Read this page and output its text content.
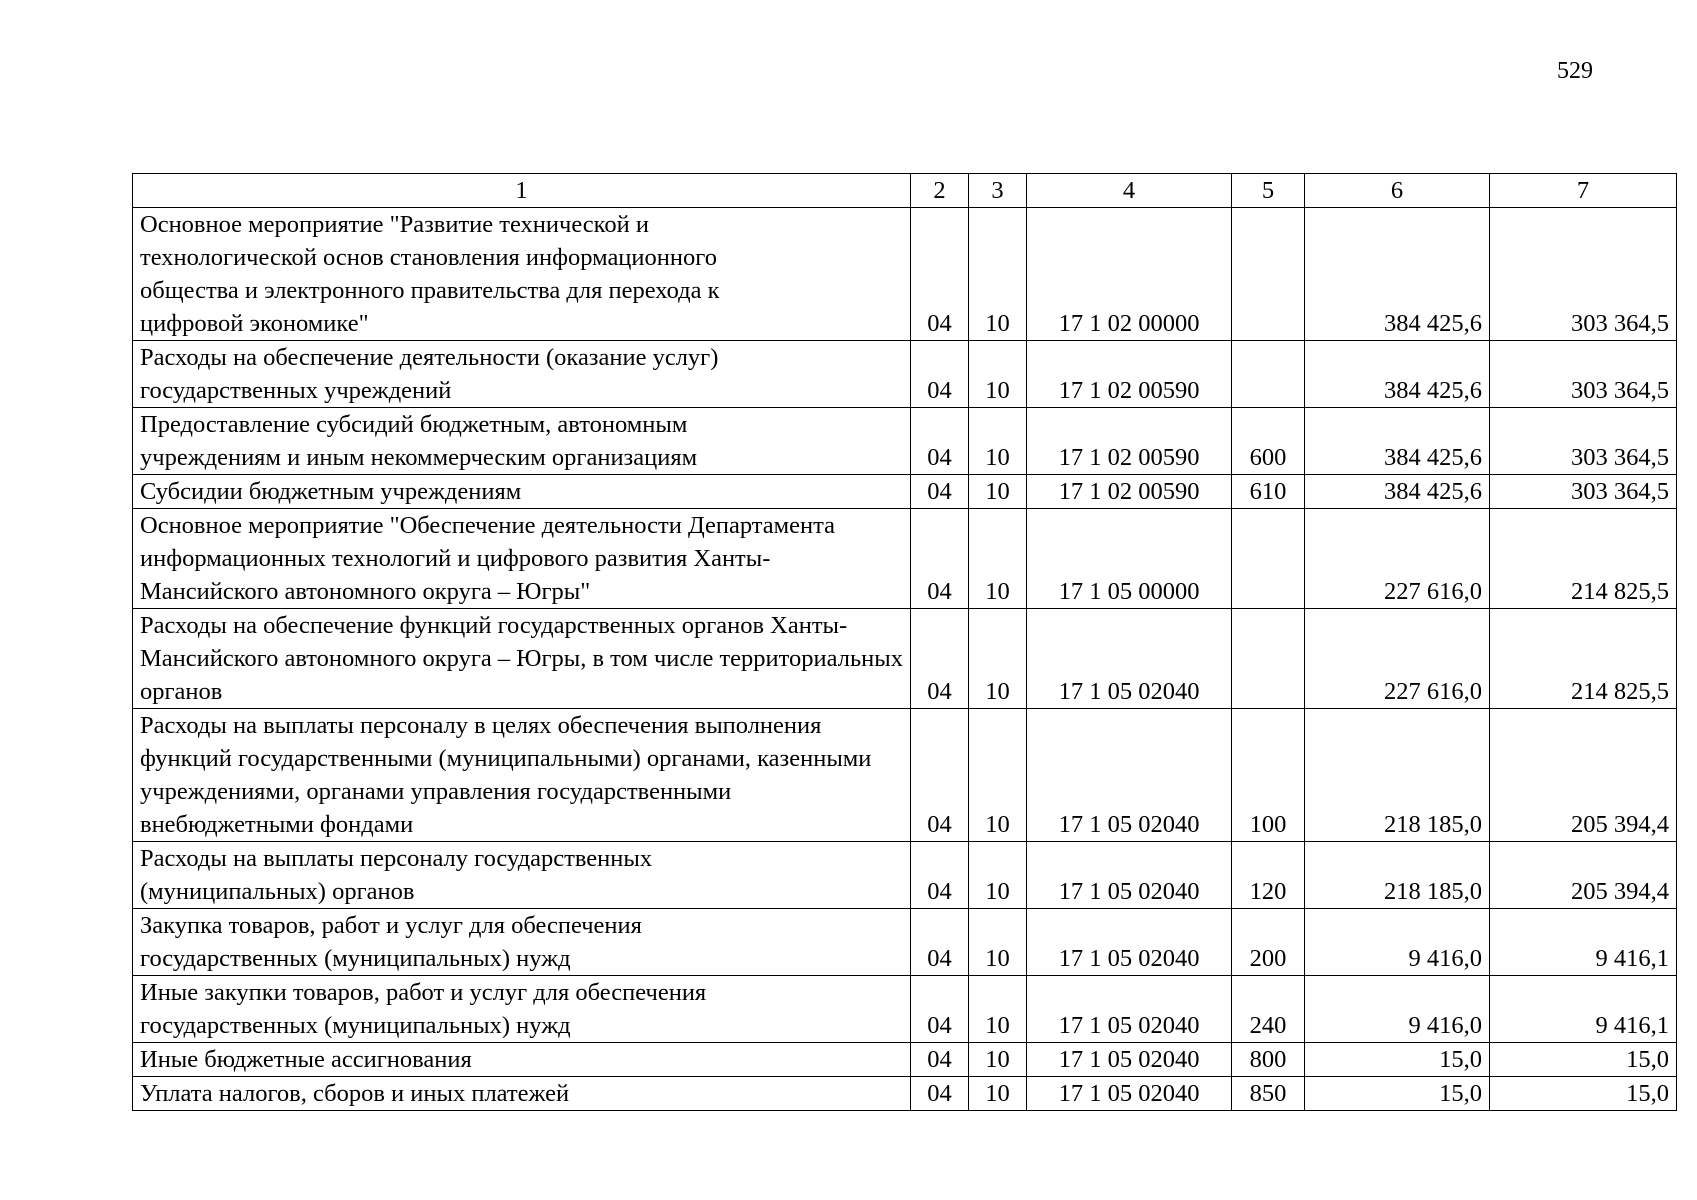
529
1	2	3	4	5	6	7

Основное мероприятие "Развитие технической и технологической основ становления информационного общества и электронного правительства для перехода к цифровой экономике"	04	10	17 1 02 00000		384 425,6	303 364,5

Расходы на обеспечение деятельности (оказание услуг) государственных учреждений	04	10	17 1 02 00590		384 425,6	303 364,5

Предоставление субсидий бюджетным, автономным учреждениям и иным некоммерческим организациям	04	10	17 1 02 00590	600	384 425,6	303 364,5

Субсидии бюджетным учреждениям	04	10	17 1 02 00590	610	384 425,6	303 364,5

Основное мероприятие "Обеспечение деятельности Департамента информационных технологий и цифрового развития Ханты-Мансийского автономного округа – Югры"	04	10	17 1 05 00000		227 616,0	214 825,5

Расходы на обеспечение функций государственных органов Ханты-Мансийского автономного округа – Югры, в том числе территориальных органов	04	10	17 1 05 02040		227 616,0	214 825,5

Расходы на выплаты персоналу в целях обеспечения выполнения функций государственными (муниципальными) органами, казенными учреждениями, органами управления государственными внебюджетными фондами	04	10	17 1 05 02040	100	218 185,0	205 394,4

Расходы на выплаты персоналу государственных (муниципальных) органов	04	10	17 1 05 02040	120	218 185,0	205 394,4

Закупка товаров, работ и услуг для обеспечения государственных (муниципальных) нужд	04	10	17 1 05 02040	200	9 416,0	9 416,1

Иные закупки товаров, работ и услуг для обеспечения государственных (муниципальных) нужд	04	10	17 1 05 02040	240	9 416,0	9 416,1

Иные бюджетные ассигнования	04	10	17 1 05 02040	800	15,0	15,0

Уплата налогов, сборов и иных платежей	04	10	17 1 05 02040	850	15,0	15,0
